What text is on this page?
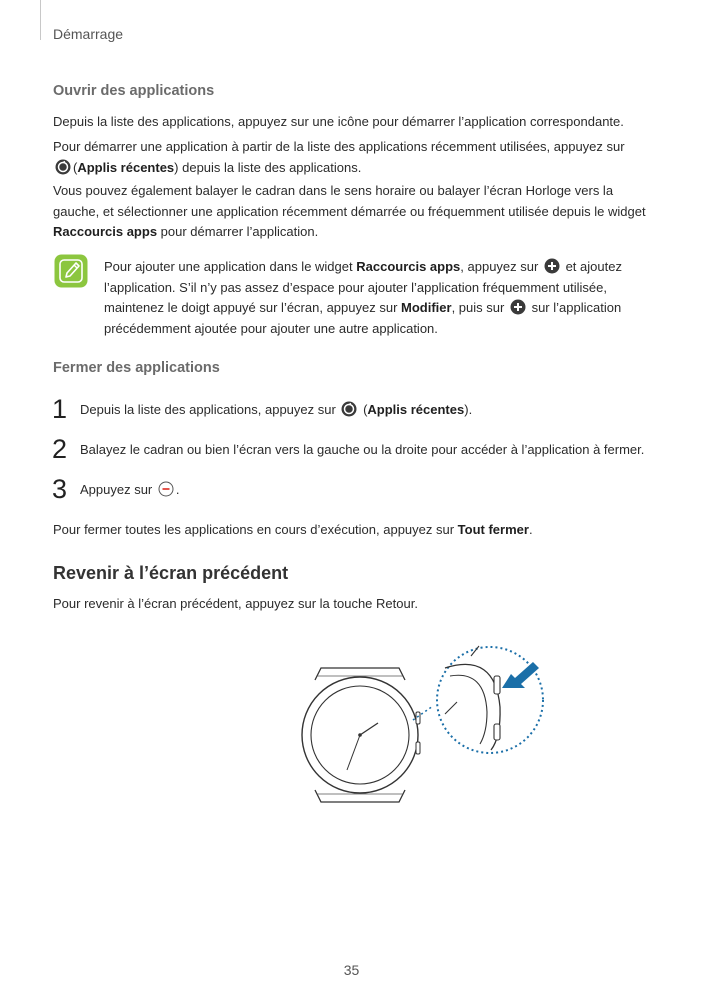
Démarrage
Ouvrir des applications
Depuis la liste des applications, appuyez sur une icône pour démarrer l’application correspondante.
Pour démarrer une application à partir de la liste des applications récemment utilisées, appuyez sur
(Applis récentes) depuis la liste des applications.
Vous pouvez également balayer le cadran dans le sens horaire ou balayer l’écran Horloge vers la gauche, et sélectionner une application récemment démarrée ou fréquemment utilisée depuis le widget Raccourcis apps pour démarrer l’application.
Pour ajouter une application dans le widget Raccourcis apps, appuyez sur et ajoutez l’application. S’il n’y pas assez d’espace pour ajouter l’application fréquemment utilisée, maintenez le doigt appuyé sur l’écran, appuyez sur Modifier, puis sur sur l’application précédemment ajoutée pour ajouter une autre application.
Fermer des applications
1 Depuis la liste des applications, appuyez sur (Applis récentes).
2 Balayez le cadran ou bien l’écran vers la gauche ou la droite pour accéder à l’application à fermer.
3 Appuyez sur .
Pour fermer toutes les applications en cours d’exécution, appuyez sur Tout fermer.
Revenir à l’écran précédent
Pour revenir à l’écran précédent, appuyez sur la touche Retour.
35
